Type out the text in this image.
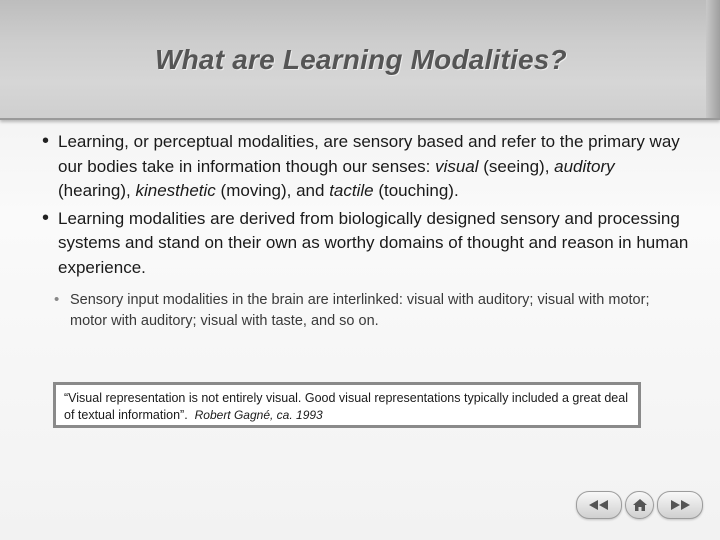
What are Learning Modalities?
• Learning, or perceptual modalities, are sensory based and refer to the primary way our bodies take in information though our senses: visual (seeing), auditory (hearing), kinesthetic (moving), and tactile (touching).
• Learning modalities are derived from biologically designed sensory and processing systems and stand on their own as worthy domains of thought and reason in human experience.
• Sensory input modalities in the brain are interlinked: visual with auditory; visual with motor; motor with auditory; visual with taste, and so on.
“Visual representation is not entirely visual. Good visual representations typically included a great deal of textual information”. Robert Gagné, ca. 1993
